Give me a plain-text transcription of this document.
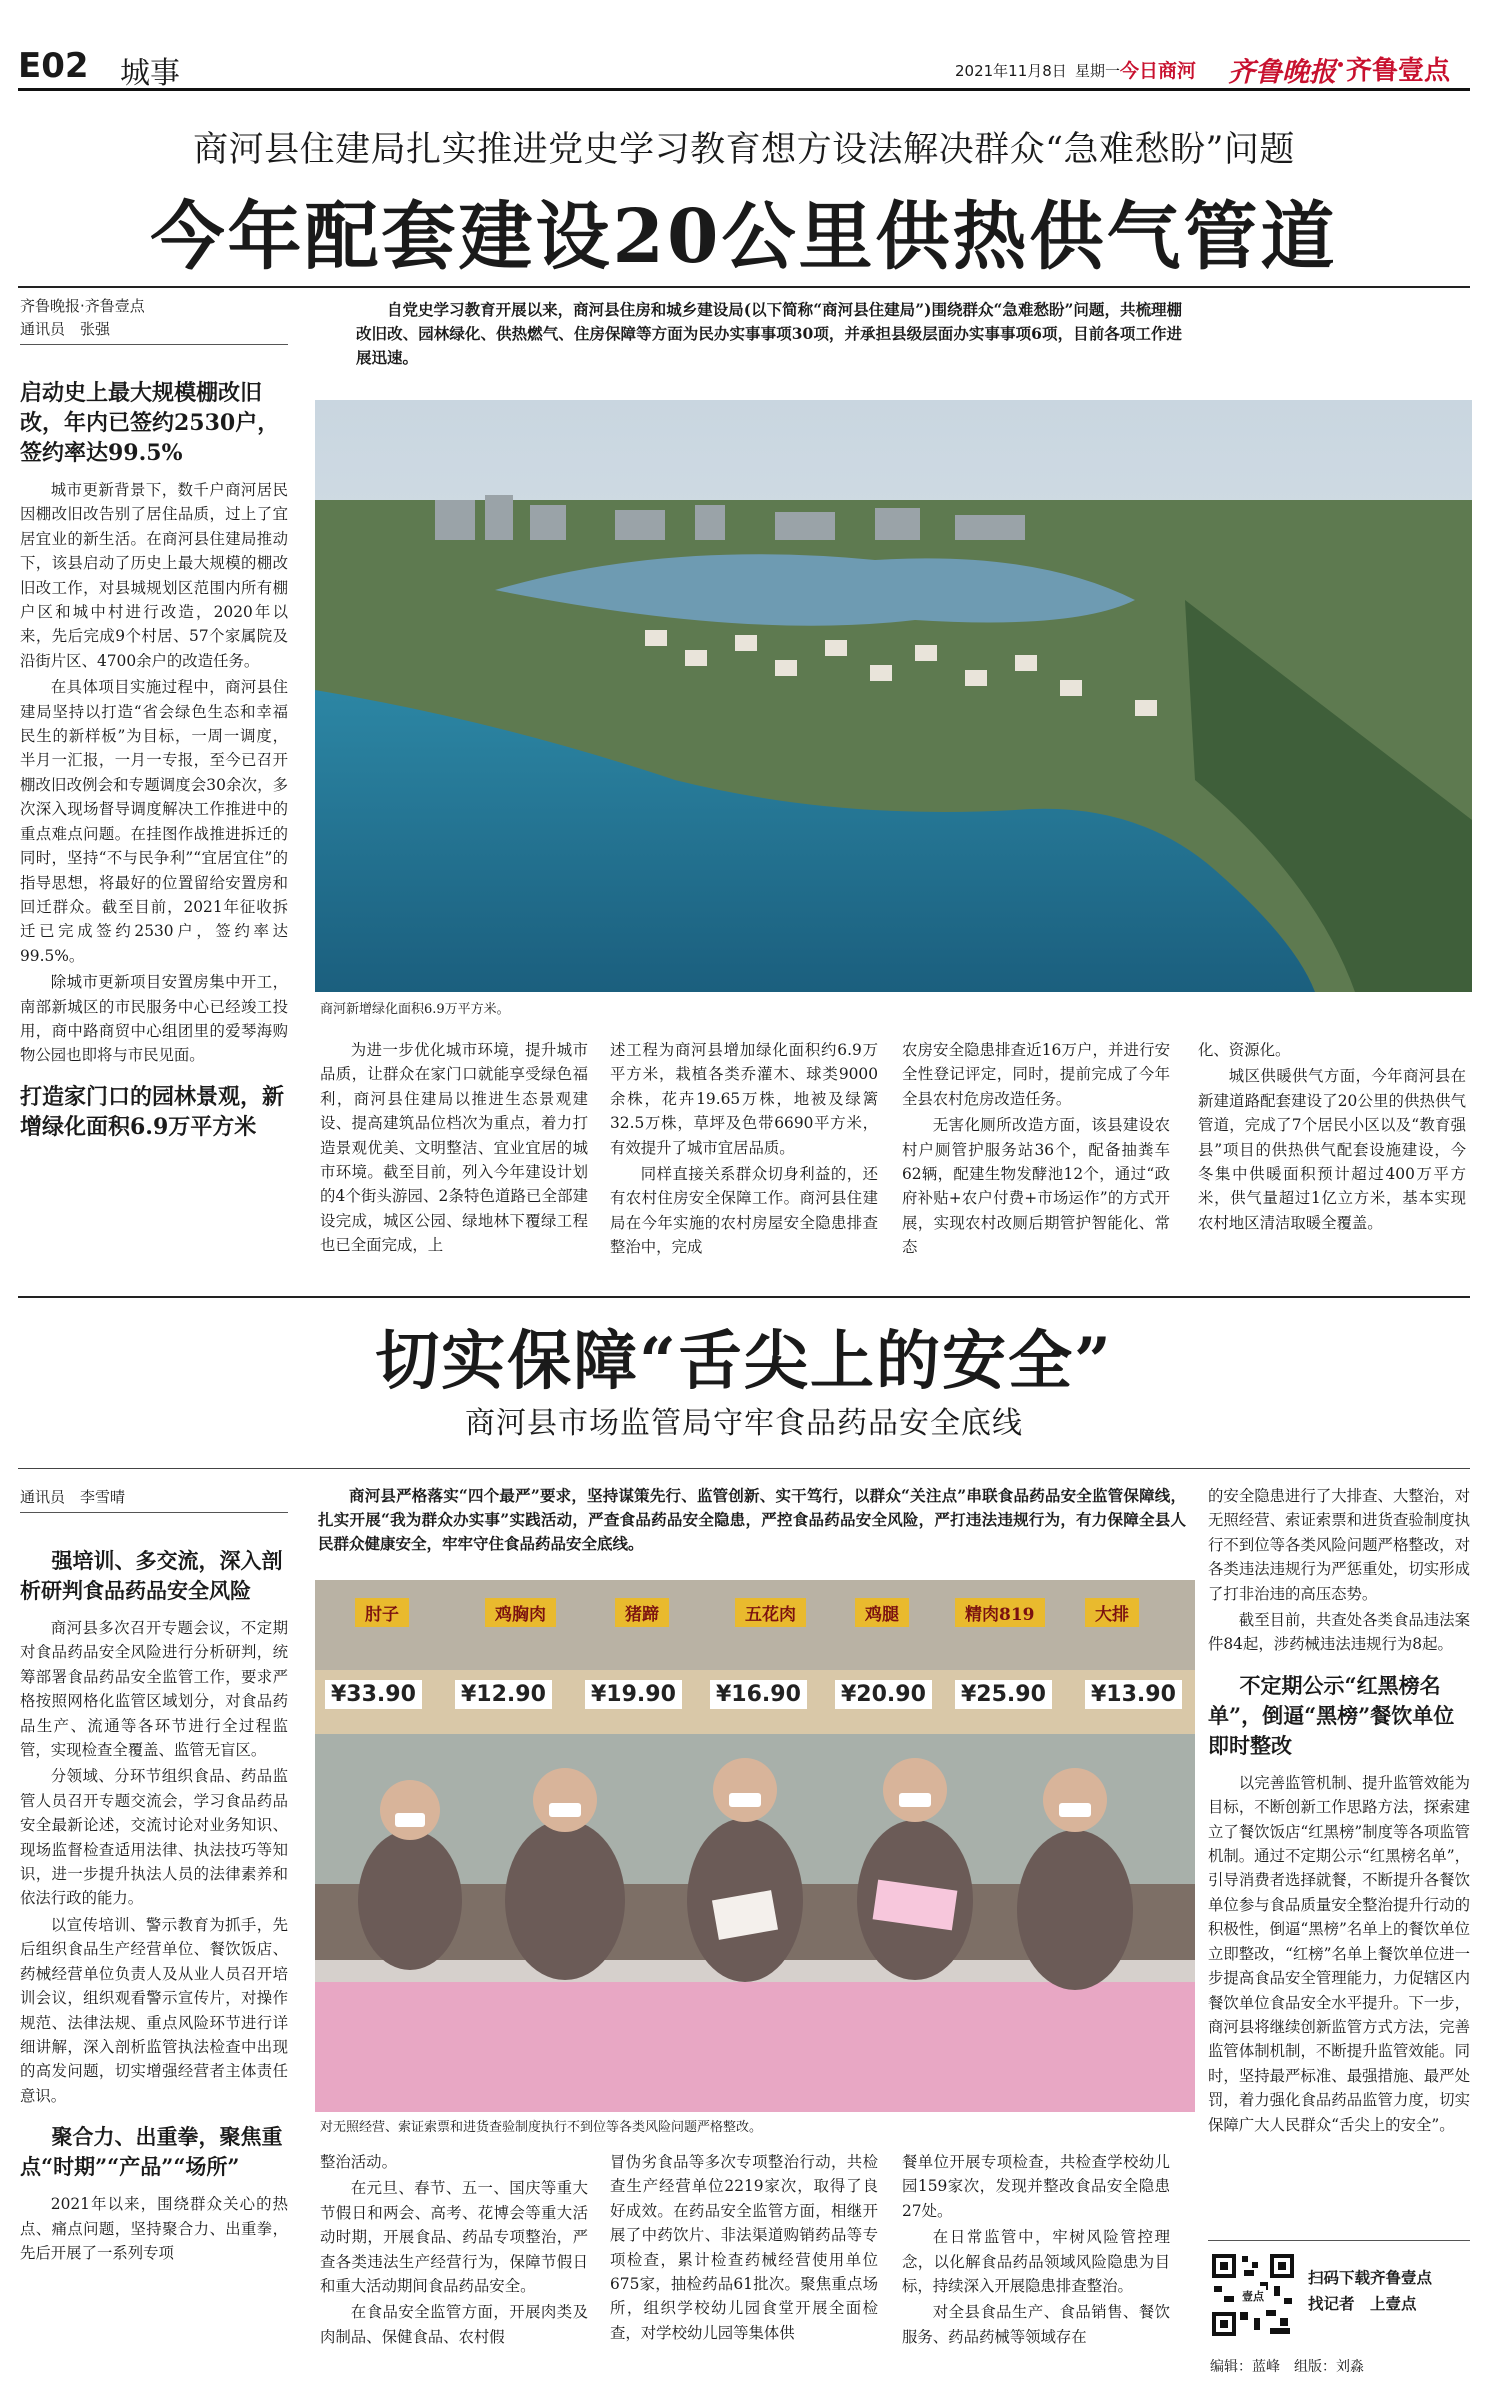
E02 城事	2021年11月8日 星期一 今日商河 齐鲁晚报 齐鲁壹点
商河县住建局扎实推进党史学习教育想方设法解决群众“急难愁盼”问题
今年配套建设20公里供热供气管道
齐鲁晚报·齐鲁壹点
通讯员　张强

启动史上最大规模棚改旧改，年内已签约2530户，签约率达99.5%

城市更新背景下，数千户商河居民因棚改旧改告别了居住品质，过上了宜居宜业的新生活。在商河县住建局推动下，该县启动了历史上最大规模的棚改旧改工作，对县城规划区范围内所有棚户区和城中村进行改造，2020年以来，先后完成9个村居、57个家属院及沿街片区、4700余户的改造任务。

在具体项目实施过程中，商河县住建局坚持以打造“省会绿色生态和幸福民生的新样板”为目标，一周一调度，半月一汇报，一月一专报，至今已召开棚改旧改例会和专题调度会30余次，多次深入现场督导调度解决工作推进中的重点难点问题。在挂图作战推进拆迁的同时，坚持“不与民争利”“宜居宜住”的指导思想，将最好的位置留给安置房和回迁群众。截至目前，2021年征收拆迁已完成签约2530户，签约率达99.5%。

除城市更新项目安置房集中开工，南部新城区的市民服务中心已经竣工投用，商中路商贸中心组团里的爱琴海购物公园也即将与市民见面。

打造家门口的园林景观，新增绿化面积6.9万平方米

自党史学习教育开展以来，商河县住房和城乡建设局(以下简称“商河县住建局”)围绕群众“急难愁盼”问题，共梳理棚改旧改、园林绿化、供热燃气、住房保障等方面为民办实事事项30项，并承担县级层面办实事事项6项，目前各项工作进展迅速。
商河新增绿化面积6.9万平方米。

为进一步优化城市环境，提升城市品质，让群众在家门口就能享受绿色福利，商河县住建局以推进生态景观建设、提高建筑品位档次为重点，着力打造景观优美、文明整洁、宜业宜居的城市环境。截至目前，列入今年建设计划的4个街头游园、2条特色道路已全部建设完成，城区公园、绿地林下覆绿工程也已全面完成，上

述工程为商河县增加绿化面积约6.9万平方米，栽植各类乔灌木、球类9000余株，花卉19.65万株，地被及绿篱32.5万株，草坪及色带6690平方米，有效提升了城市宜居品质。

同样直接关系群众切身利益的，还有农村住房安全保障工作。商河县住建局在今年实施的农村房屋安全隐患排查整治中，完成

农房安全隐患排查近16万户，并进行安全性登记评定，同时，提前完成了今年全县农村危房改造任务。

无害化厕所改造方面，该县建设农村户厕管护服务站36个，配备抽粪车62辆，配建生物发酵池12个，通过“政府补贴+农户付费+市场运作”的方式开展，实现农村改厕后期管护智能化、常态

化、资源化。

城区供暖供气方面，今年商河县在新建道路配套建设了20公里的供热供气管道，完成了7个居民小区以及“教育强县”项目的供热供气配套设施建设，今冬集中供暖面积预计超过400万平方米，供气量超过1亿立方米，基本实现农村地区清洁取暖全覆盖。

切实保障“舌尖上的安全”
商河县市场监管局守牢食品药品安全底线
通讯员　李雪晴

强培训、多交流，深入剖析研判食品药品安全风险

商河县多次召开专题会议，不定期对食品药品安全风险进行分析研判，统筹部署食品药品安全监管工作，要求严格按照网格化监管区域划分，对食品药品生产、流通等各环节进行全过程监管，实现检查全覆盖、监管无盲区。

分领域、分环节组织食品、药品监管人员召开专题交流会，学习食品药品安全最新论述，交流讨论对业务知识、现场监督检查适用法律、执法技巧等知识，进一步提升执法人员的法律素养和依法行政的能力。

以宣传培训、警示教育为抓手，先后组织食品生产经营单位、餐饮饭店、药械经营单位负责人及从业人员召开培训会议，组织观看警示宣传片，对操作规范、法律法规、重点风险环节进行详细讲解，深入剖析监管执法检查中出现的高发问题，切实增强经营者主体责任意识。

聚合力、出重拳，聚焦重点“时期”“产品”“场所”

2021年以来，围绕群众关心的热点、痛点问题，坚持聚合力、出重拳，先后开展了一系列专项

商河县严格落实“四个最严”要求，坚持谋策先行、监管创新、实干笃行，以群众“关注点”串联食品药品安全监管保障线，扎实开展“我为群众办实事”实践活动，严查食品药品安全隐患，严控食品药品安全风险，严打违法违规行为，有力保障全县人民群众健康安全，牢牢守住食品药品安全底线。
肘子	鸡胸肉	猪蹄	五花肉	鸡腿	精肉819	大排
¥33.90 ¥12.90 ¥19.90 ¥16.90 ¥20.90 ¥25.90 ¥13.90
对无照经营、索证索票和进货查验制度执行不到位等各类风险问题严格整改。

整治活动。

在元旦、春节、五一、国庆等重大节假日和两会、高考、花博会等重大活动时期，开展食品、药品专项整治，严查各类违法生产经营行为，保障节假日和重大活动期间食品药品安全。

在食品安全监管方面，开展肉类及肉制品、保健食品、农村假

冒伪劣食品等多次专项整治行动，共检查生产经营单位2219家次，取得了良好成效。在药品安全监管方面，相继开展了中药饮片、非法渠道购销药品等专项检查，累计检查药械经营使用单位675家，抽检药品61批次。聚焦重点场所，组织学校幼儿园食堂开展全面检查，对学校幼儿园等集体供

餐单位开展专项检查，共检查学校幼儿园159家次，发现并整改食品安全隐患27处。

在日常监管中，牢树风险管控理念，以化解食品药品领域风险隐患为目标，持续深入开展隐患排查整治。

对全县食品生产、食品销售、餐饮服务、药品药械等领域存在

的安全隐患进行了大排查、大整治，对无照经营、索证索票和进货查验制度执行不到位等各类风险问题严格整改，对各类违法违规行为严惩重处，切实形成了打非治违的高压态势。

截至目前，共查处各类食品违法案件84起，涉药械违法违规行为8起。

不定期公示“红黑榜名单”，倒逼“黑榜”餐饮单位即时整改

以完善监管机制、提升监管效能为目标，不断创新工作思路方法，探索建立了餐饮饭店“红黑榜”制度等各项监管机制。通过不定期公示“红黑榜名单”，引导消费者选择就餐，不断提升各餐饮单位参与食品质量安全整治提升行动的积极性，倒逼“黑榜”名单上的餐饮单位立即整改，“红榜”名单上餐饮单位进一步提高食品安全管理能力，力促辖区内餐饮单位食品安全水平提升。下一步，商河县将继续创新监管方式方法，完善监管体制机制，不断提升监管效能。同时，坚持最严标准、最强措施、最严处罚，着力强化食品药品监管力度，切实保障广大人民群众“舌尖上的安全”。

壹点
扫码下载齐鲁壹点
找记者　上壹点
编辑：蓝峰　组版：刘淼
